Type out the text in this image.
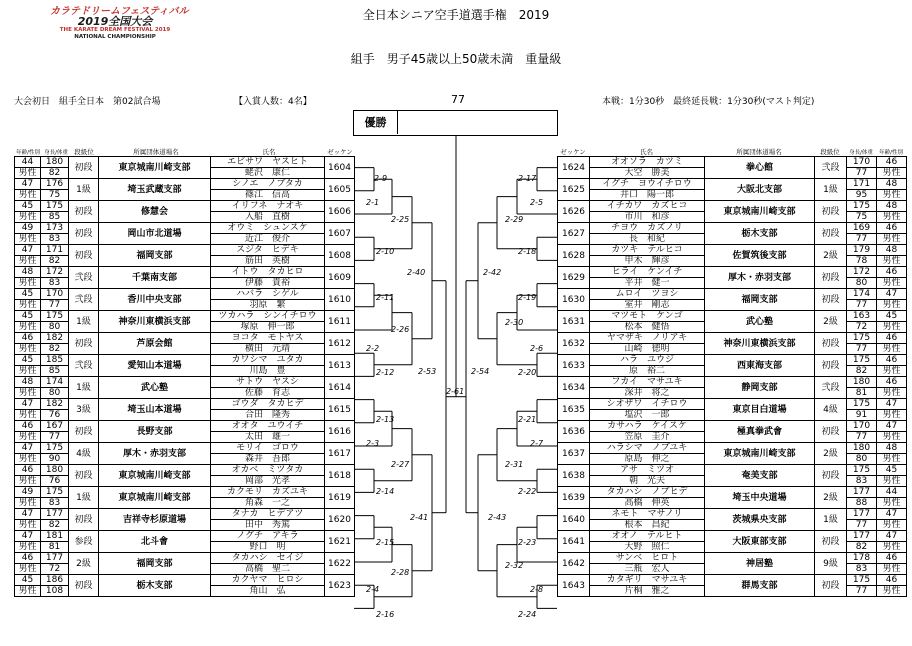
カラテドリームフェスティバル
2019全国大会
THE KARATE DREAM FESTIVAL 2019
NATIONAL CHAMPIONSHIP
全日本シニア空手道選手権　2019
組手　男子45歳以上50歳未満　重量級
大会初日　組手全日本　第02試合場	【入賞人数：4名】	77	本戦：1分30秒　最終延長戦：1分30秒(マスト判定)
優勝
年齢/性別 身長/体重 段級位	所属団体道場名	氏名	ゼッケン	ゼッケン	氏名	所属団体道場名	段級位	身長/体重	年齢/性別
44	180	初段	東京城南川崎支部	エビサワ　ヤスヒト	1604
男性	82			蛯沢　康仁	
47	176	1級	埼玉武蔵支部	シノエ　ノブタカ	1605
男性	75			篠江　信高	
45	175	初段	修慧会	イリフネ　ナオキ	1606
男性	85			入船　直樹	
49	173	初段	岡山市北道場	オウミ　シュンスケ	1607
男性	83			近江　俊介	
47	171	初段	福岡支部	スジタ　ヒデキ	1608
男性	82			筋田　英樹	
48	172	弐段	千葉南支部	イトウ　タカヒロ	1609
男性	83			伊藤　貴裕	
45	170	弐段	香川中央支部	ハバラ　シゲル	1610
男性	77			羽原　繁	
45	175	1級	神奈川東横浜支部	ツカハラ　シンイチロウ	1611
男性	80			塚原　伸一郎	
46	182	初段	芦原会館	ヨコタ　モトヤス	1612
男性	82			横田　元靖	
45	185	弐段	愛知山本道場	カワシマ　ユタカ	1613
男性	85			川島　豊	
48	174	1級	武心塾	サトウ　ヤスシ	1614
男性	80			佐藤　育志	
47	182	3級	埼玉山本道場	ゴウダ　タカヒデ	1615
男性	76			合田　隆秀	
46	167	初段	長野支部	オオタ　ユウイチ	1616
男性	77			太田　雄一	
47	175	4級	厚木・赤羽支部	モリイ　ゴロウ	1617
男性	90			森井　吾郎	
46	180	初段	東京城南川崎支部	オカベ　ミツタカ	1618
男性	76			岡部　光孝	
49	175	1級	東京城南川崎支部	カクモリ　カズユキ	1619
男性	83			角森　一之	
47	177	初段	吉祥寺杉原道場	タナカ　ヒデアツ	1620
男性	82			田中　秀篤	
47	181	参段	北斗會	ノグチ　アキラ	1621
男性	81			野口　明	
46	177	2級	福岡支部	タカハシ　セイジ	1622
男性	72			高橋　聖二	
45	186	初段	栃木支部	カクヤマ　ヒロシ	1623
男性	108			角山　弘	
1624	オオソラ　カツミ	拳心館	弐段	170	46
	大空　勝美			77	男性
1625	イグチ　ヨウイチロウ	大阪北支部	1級	171	48
	井口　陽一郎			95	男性
1626	イチカワ　カズヒコ	東京城南川崎支部	初段	175	48
	市川　和彦			75	男性
1627	チヨウ　カズノリ	栃木支部	初段	169	46
	長　和紀			77	男性
1628	カツキ　テルヒコ	佐賀筑後支部	2級	179	48
	甲木　輝彦			78	男性
1629	ヒライ　ケンイチ	厚木・赤羽支部	初段	172	46
	平井　健一			80	男性
1630	ムロイ　ツヨシ	福岡支部	初段	174	47
	室井　剛志			77	男性
1631	マツモト　ケンゴ	武心塾	2級	163	45
	松本　健悟			72	男性
1632	ヤマザキ　ノリアキ	神奈川東横浜支部	初段	175	46
	山崎　徳明			77	男性
1633	ハラ　ユウジ	西東海支部	初段	175	46
	原　裕二			82	男性
1634	フカイ　マサユキ	静岡支部	弐段	180	46
	深井　将之			81	男性
1635	シオザワ　イチロウ	東京目白道場	4級	175	47
	塩沢　一郎			91	男性
1636	カサハラ　ケイスケ	極真拳武會	初段	170	47
	笠原　圭介			77	男性
1637	ハラシマ　ノブユキ	東京城南川崎支部	2級	180	48
	原島　伸之			80	男性
1638	アサ　ミツオ	奄美支部	初段	175	45
	朝　光夫			83	男性
1639	タカハシ　ノブヒデ	埼玉中央道場	2級	177	44
	高橋　伸英			88	男性
1640	ネモト　マサノリ	茨城県央支部	1級	177	47
	根本　昌紀			77	男性
1641	オオノ　テルヒト	大阪東部支部	初段	177	47
	大野　照仁			82	男性
1642	サンベ　ヒロト	神居塾	9級	178	46
	三瓶　宏人			83	男性
1643	カタギリ　マサユキ	群馬支部	初段	175	46
	片桐　雅之			77	男性
2-9
2-1
2-25
2-10
2-40
2-11
2-26
2-2
2-12	2-53
2-61
2-13
2-3
2-27
2-14
2-41
2-15
2-28
2-4
2-16
2-17
2-5
2-29
2-18
2-42
2-19
2-30
2-6
2-20
2-54
2-21
2-7
2-31
2-22
2-43
2-23
2-32
2-8
2-24
